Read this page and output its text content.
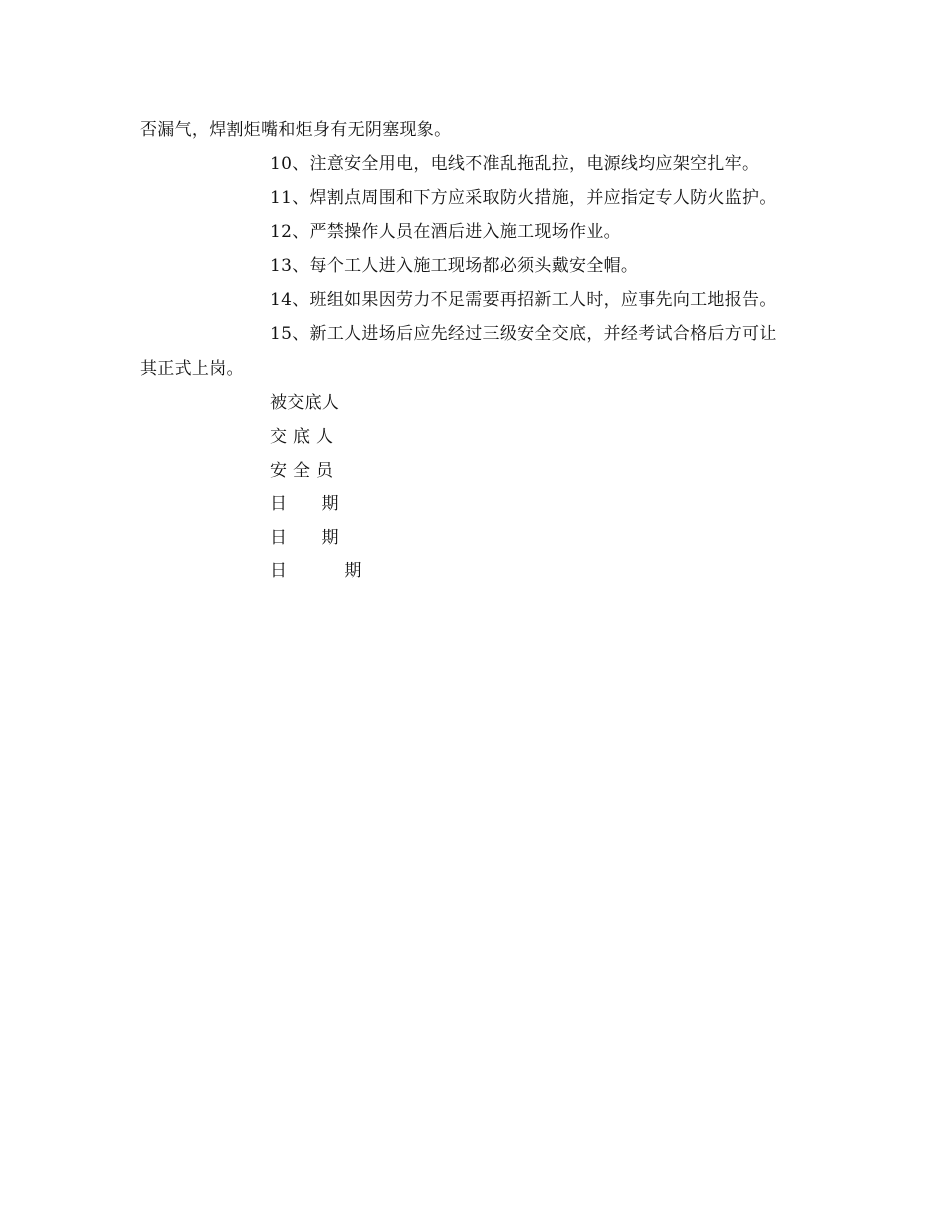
否漏气，焊割炬嘴和炬身有无阴塞现象。
10、注意安全用电，电线不准乱拖乱拉，电源线均应架空扎牢。
11、焊割点周围和下方应采取防火措施，并应指定专人防火监护。
12、严禁操作人员在酒后进入施工现场作业。
13、每个工人进入施工现场都必须头戴安全帽。
14、班组如果因劳力不足需要再招新工人时，应事先向工地报告。
15、新工人进场后应先经过三级安全交底，并经考试合格后方可让
其正式上岗。
被交底人
交 底 人
安 全 员
日      期
日      期
日          期
